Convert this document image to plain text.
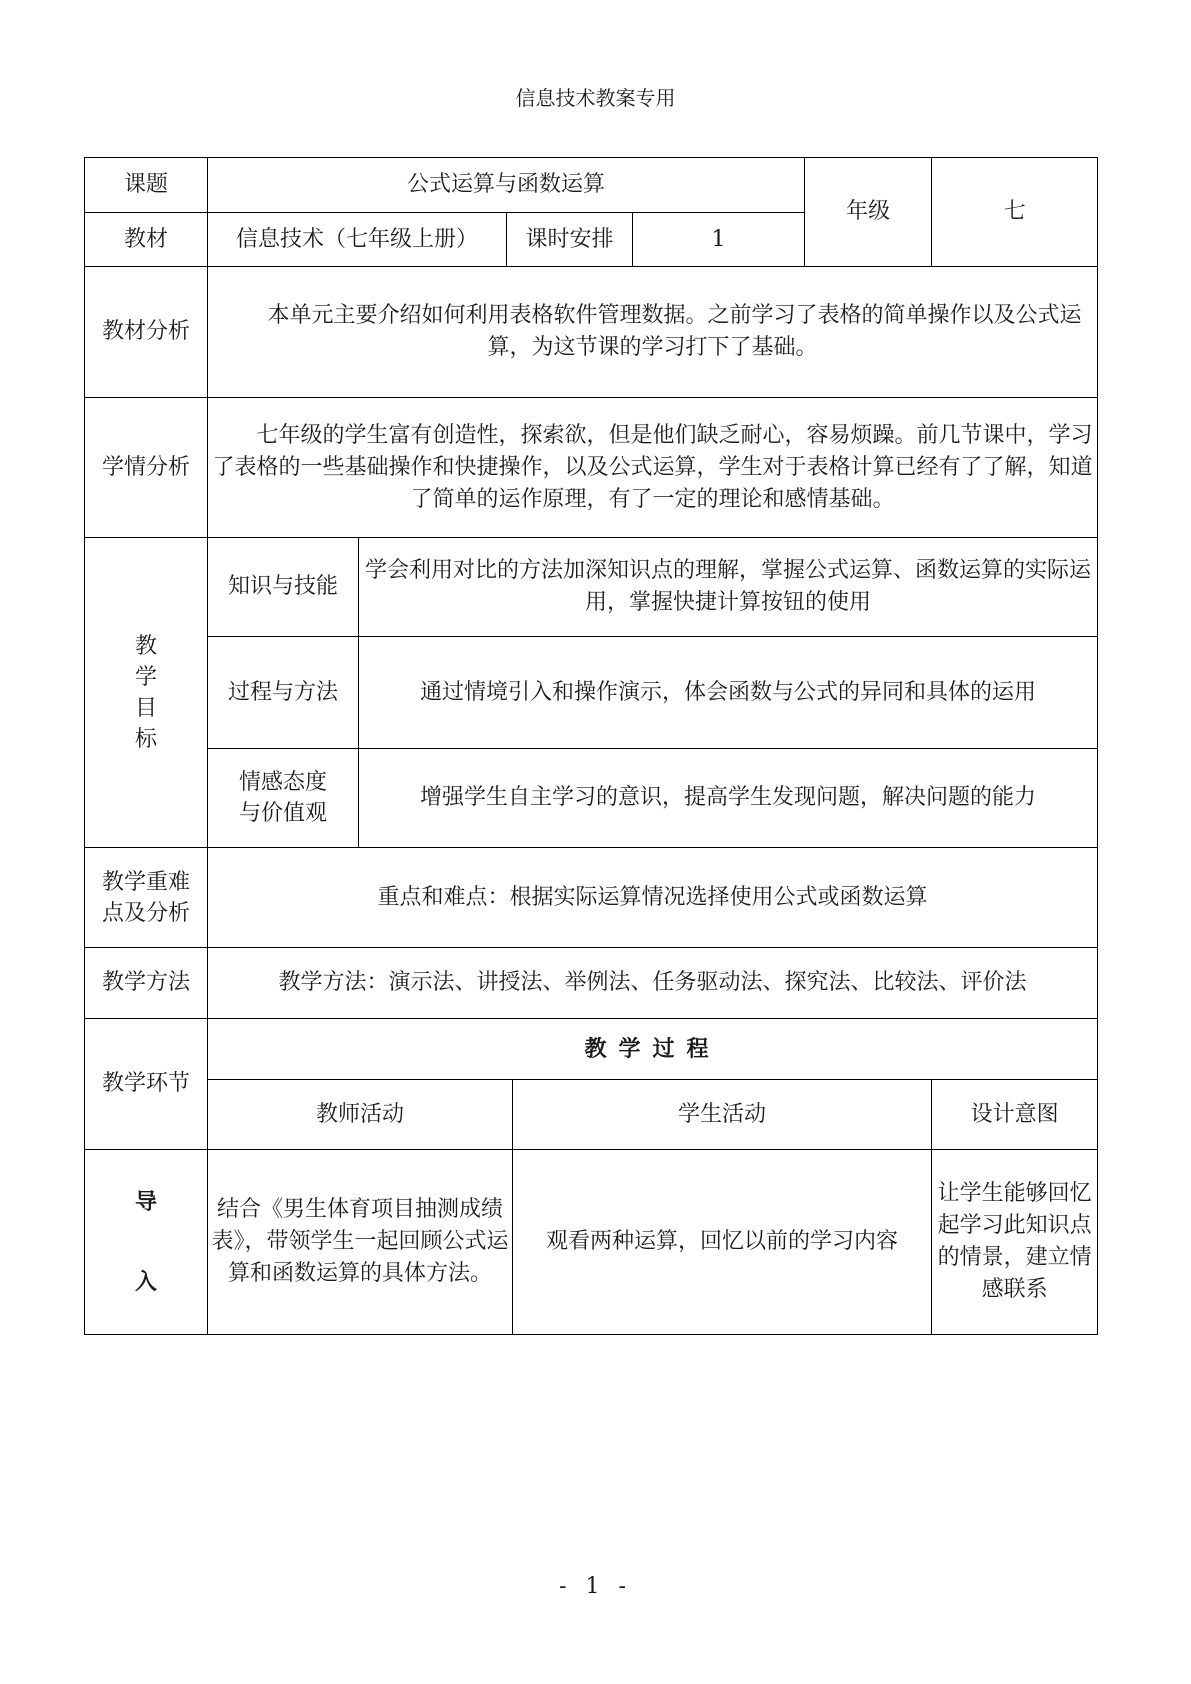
信息技术教案专用
课题	公式运算与函数运算					年级	七
教材	信息技术（七年级上册）		课时安排		1		
教材分析	本单元主要介绍如何利用表格软件管理数据。之前学习了表格的简单操作以及公式运算，为这节课的学习打下了基础。						

学情分析	七年级的学生富有创造性，探索欲，但是他们缺乏耐心，容易烦躁。前几节课中，学习了表格的一些基础操作和快捷操作，以及公式运算，学生对于表格计算已经有了了解，知道了简单的运作原理，有了一定的理论和感情基础。						

教
学
目
标	知识与技能	学会利用对比的方法加深知识点的理解，掌握公式运算、函数运算的实际运用，掌握快捷计算按钮的使用					
	过程与方法	通过情境引入和操作演示，体会函数与公式的异同和具体的运用					

	情感态度
与价值观	增强学生自主学习的意识，提高学生发现问题，解决问题的能力					

教学重难
点及分析	重点和难点：根据实际运算情况选择使用公式或函数运算						
教学方法	教学方法：演示法、讲授法、举例法、任务驱动法、探究法、比较法、评价法						
教学环节	教学过程						
	教师活动			学生活动			设计意图

导
入	结合《男生体育项目抽测成绩表》，带领学生一起回顾公式运算和函数运算的具体方法。			观看两种运算，回忆以前的学习内容			让学生能够回忆起学习此知识点的情景，建立情感联系
- 1 -
